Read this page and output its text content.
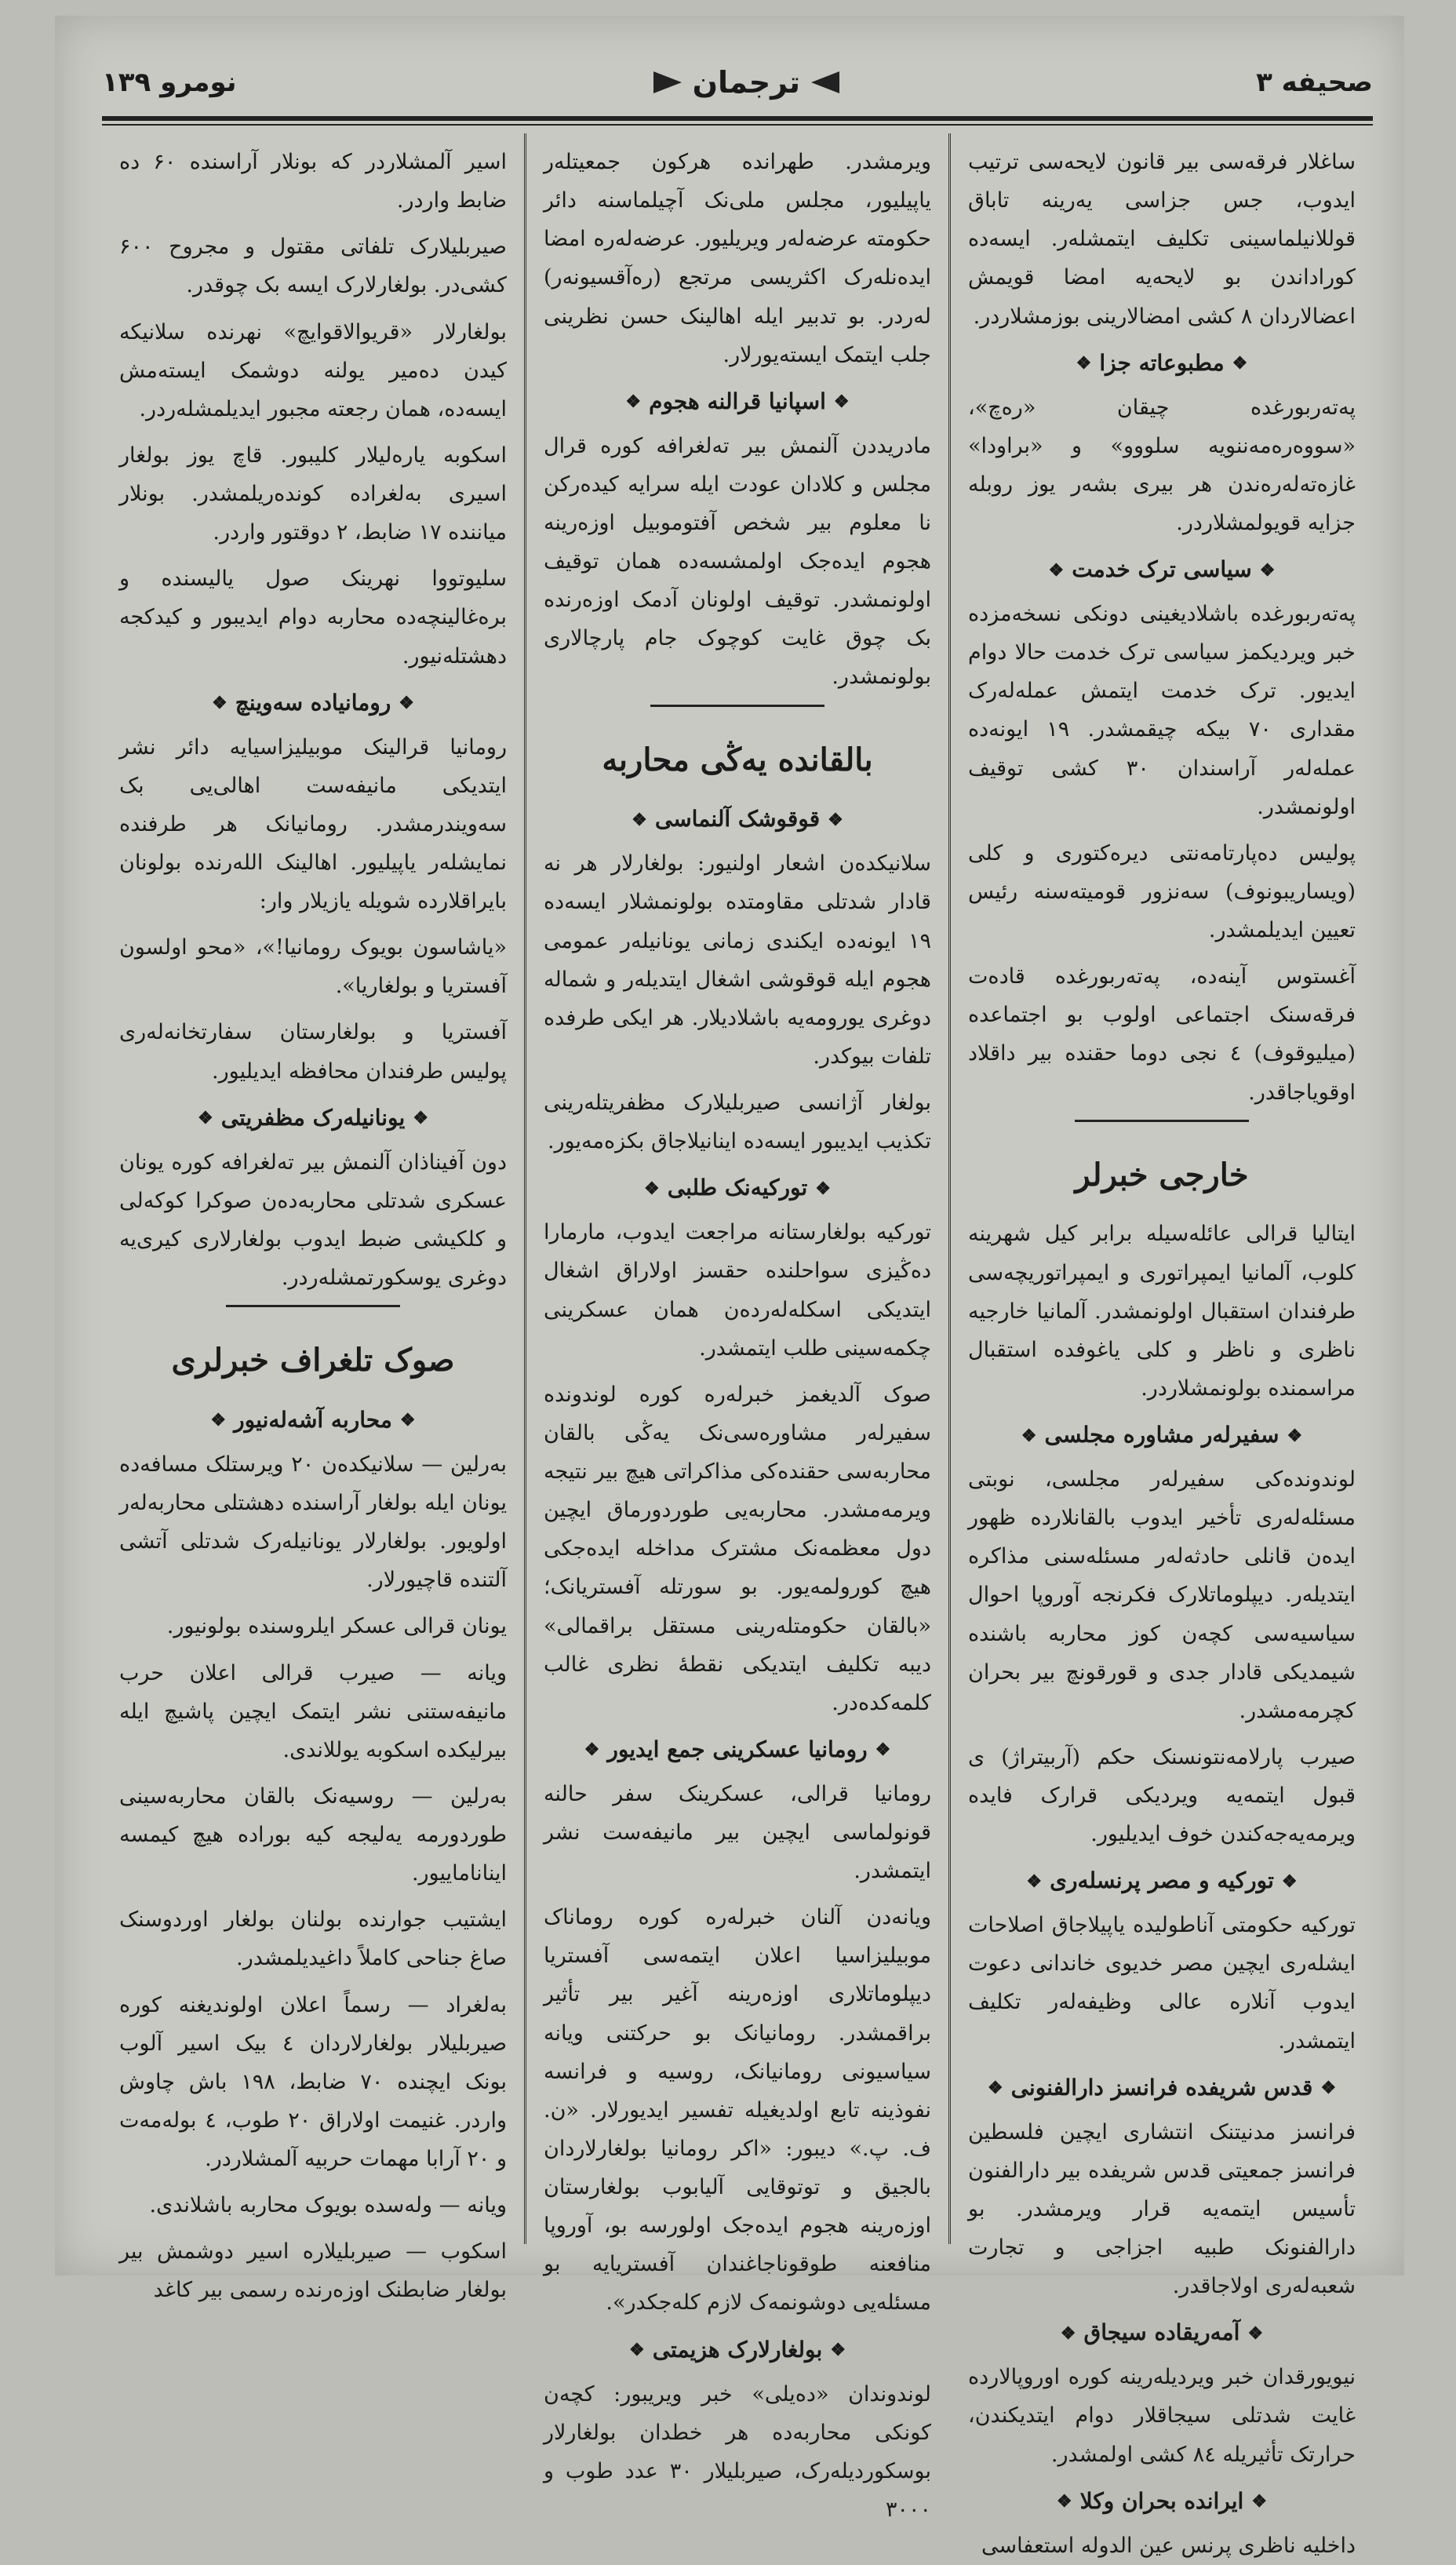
صحیفه ۳
ترجمان
نومرو ۱۳۹

ساغلار فرقەسی بیر قانون لایحەسی ترتیب ایدوب، جس جزاسی یەرینە تاباق قوللانیلماسینی تکلیف ایتمشلەر. ایسەدە کوراداندن بو لایحەیە امضا قویمش اعضالاردان ۸ کشی امضالارینی بوزمشلاردر.

❖
مطبوعاتە جزا
❖

پەتەربورغدە چیقان «رەچ»، «سووەرەمەننویە سلووو» و «براودا» غازەتەلەرەندن هر بیری بشەر یوز روبلە جزایە قویولمشلاردر.

❖
سیاسی ترک خدمت
❖

پەتەربورغدە باشلادیغینی دونکی نسخەمزدە خبر ویردیکمز سیاسی ترک خدمت حالا دوام ایدیور. ترک خدمت ایتمش عملەلەرک مقداری ۷۰ بیکە چیقمشدر. ۱۹ ایونەدە عملەلەر آراسندان ۳۰ کشی توقیف اولونمشدر.

پولیس دەپارتامەنتی دیرەکتوری و کلی (ویساریبونوف) سەنزور قومیتەسنە رئیس تعیین ایدیلمشدر.

آغستوس آینەدە، پەتەربورغدە قادەت فرقەسنک اجتماعی اولوب بو اجتماعدە (میلیوقوف) ٤ نجی دوما حقندە بیر داقلاد اوقویاجاقدر.

خارجی خبرلر

ایتالیا قرالی عائلەسیلە برابر کیل شهرینە کلوب، آلمانیا ایمپراتوری و ایمپراتوریچەسی طرفندان استقبال اولونمشدر. آلمانیا خارجیە ناظری و ناظر و کلی یاغوفدە استقبال مراسمندە بولونمشلاردر.

❖
سفیرلەر مشاورە مجلسی
❖

لوندونده‌کی سفیرلەر مجلسی، نوبتی مسئلەلەری تأخیر ایدوب بالقانلاردە ظهور ایدەن قانلی حادثەلەر مسئلەسنی مذاکرە ایتدیلەر. دیپلوماتلارک فکرنجە آوروپا احوال سیاسیەسی کچەن کوز محاربە باشندە شیمدیکی قادار جدی و قورقونچ بیر بحران کچرمەمشدر.

صیرب پارلامەنتونسنک حکم (آربیتراژ) ی قبول ایتمەیە ویردیکی قرارک فایدە ویرمەیەجەکندن خوف ایدیلیور.

❖
تورکیە و مصر پرنسلەری
❖

تورکیە حکومتی آناطولیدە یاپیلاجاق اصلاحات ایشلەری ایچین مصر خدیوی خاندانی دعوت ایدوب آنلارە عالی وظیفەلەر تکلیف ایتمشدر.

❖
قدس شریفدە فرانسز دارالفنونی
❖

فرانسز مدنیتنک انتشاری ایچین فلسطین فرانسز جمعیتی قدس شریفدە بیر دارالفنون تأسیس ایتمەیە قرار ویرمشدر. بو دارالفنونک طبیە اجزاجی و تجارت شعبەلەری اولاجاقدر.

❖
آمەریقادە سیجاق
❖

نیویورقدان خبر ویردیلەرینە کورە اوروپالاردە غایت شدتلی سیجاقلار دوام ایتدیکندن، حرارتک تأثیریلە ۸٤ کشی اولمشدر.

❖
ایراندە بحران وکلا
❖

داخلیە ناظری پرنس عین الدولە استعفاسی

ویرمشدر. طهراندە هرکون جمعیتلەر یاپیلیور، مجلس ملی‌نک آچیلماسنە دائر حکومتە عرضەلەر ویریلیور. عرضەلەرە امضا ایدەنلەرک اکثریسی مرتجع (رەآقسیونەر) لەردر. بو تدبیر ایلە اهالینک حسن نظرینی جلب ایتمک ایستەیورلار.

❖
اسپانیا قرالنە هجوم
❖

مادریددن آلنمش بیر تەلغرافە کورە قرال مجلس و کلادان عودت ایلە سرایە کیدەرکن نا معلوم بیر شخص آفتوموبیل اوزەرینە هجوم ایدەجک اولمشسەدە همان توقیف اولونمشدر. توقیف اولونان آدمک اوزەرندە بک چوق غایت کوچوک جام پارچالاری بولونمشدر.

بالقاندە یەڭی محاربە
❖
قوقوشک آلنماسی
❖

سلانیکدەن اشعار اولنیور: بولغارلار هر نە قادار شدتلی مقاومتدە بولونمشلار ایسەدە ۱۹ ایونەدە ایکندی زمانی یونانیلەر عمومی هجوم ایلە قوقوشی اشغال ایتدیلەر و شمالە دوغری یورومەیە باشلادیلار. هر ایکی طرفدە تلفات بیوکدر.

بولغار آژانسی صیربلیلارک مظفریتلەرینی تکذیب ایدیبور ایسەدە اینانیلاجاق بکزەمەیور.

❖
تورکیەنک طلبی
❖

تورکیە بولغارستانە مراجعت ایدوب، مارمارا دەڭیزی سواحلندە حقسز اولاراق اشغال ایتدیکی اسکلەلەردەن همان عسکرینی چکمەسینی طلب ایتمشدر.

صوک آلدیغمز خبرلەرە کورە لوندونده سفیرلەر مشاورەسی‌نک یەڭی بالقان محاربەسی حقندە‌کی مذاکراتی هیچ بیر نتیجە ویرمەمشدر. محاربەیی طوردورماق ایچین دول معظمەنک مشترک مداخلە ایدەجکی هیچ کورولمەیور. بو سورتلە آفستریانک؛ «بالقان حکومتلەرینی مستقل براقمالی» دیبە تکلیف ایتدیکی نقطۀ نظری غالب کلمەکدەدر.

❖
رومانیا عسکرینی جمع ایدیور
❖

رومانیا قرالی، عسکرینک سفر حالنە قونولماسی ایچین بیر مانیفەست نشر ایتمشدر.

ویانەدن آلنان خبرلەرە کورە روماناک موبیلیزاسیا اعلان ایتمەسی آفستریا دیپلوماتلاری اوزەرینە آغیر بیر تأثیر براقمشدر. رومانیانک بو حرکتنی ویانە سیاسیونی رومانیانک، روسیە و فرانسە نفوذینە تابع اولدیغیلە تفسیر ایدیورلار. «ن. ف. پ.» دیبور: «اکر رومانیا بولغارلاردان بالجیق و توتوقایی آلیابوب بولغارستان اوزەرینە هجوم ایدەجک اولورسە بو، آوروپا منافعنە طوقوناجاغندان آفستریایە بو مسئلەیی دوشونمەک لازم کلەجکدر».

❖
بولغارلارک هزیمتی
❖

لوندوندان «دەیلی» خبر ویریبور: کچەن کونکی محاربەدە هر خطدان بولغارلار بوسکوردیلەرک، صیربلیلار ۳۰ عدد طوب و ۳۰۰۰

اسیر آلمشلاردر کە بونلار آراسندە ۶۰ دە ضابط واردر.

صیربلیلارک تلفاتی مقتول و مجروح ۶۰۰ کشی‌در. بولغارلارک ایسە بک چوقدر.

بولغارلار «قریوالاقوایچ» نهرندە سلانیکە کیدن دەمیر یولنە دوشمک ایستەمش ایسەدە، همان رجعتە مجبور ایدیلمشلەردر.

اسکوبە یارەلیلار کلیبور. قاچ یوز بولغار اسیری بەلغرادە کوندەریلمشدر. بونلار میانندە ۱۷ ضابط، ۲ دوقتور واردر.

سلیوتووا نهرینک صول یالیسندە و برەغالینچەدە محاربە دوام ایدیبور و کیدکجە دهشتلەنیور.

❖
رومانیادە سەوینچ
❖

رومانیا قرالینک موبیلیزاسیایە دائر نشر ایتدیکی مانیفەست اهالی‌یی بک سەویندرمشدر. رومانیانک هر طرفندە نمایشلەر یاپیلیور. اهالینک اللەرندە بولونان بایراقلاردە شویلە یازیلار وار:

«یاشاسون بویوک رومانیا!»، «محو اولسون آفستریا و بولغاریا».

آفستریا و بولغارستان سفارتخانەلەری پولیس طرفندان محافظە ایدیلیور.

❖
یونانیلەرک مظفریتی
❖

دون آفیناذان آلنمش بیر تەلغرافە کورە یونان عسکری شدتلی محاربەدەن صوکرا کوکەلی و کلکیشی ضبط ایدوب بولغارلاری کیری‌یە دوغری یوسکورتمشلەردر.

صوک تلغراف خبرلری
❖
محاربە آشەلەنیور
❖

بەرلین — سلانیکدەن ۲۰ ویرستلک مسافەدە یونان ایلە بولغار آراسندە دهشتلی محاربەلەر اولویور. بولغارلار یونانیلەرک شدتلی آتشی آلتندە قاچیورلار.

یونان قرالی عسکر ایلروسندە بولونیور.

ویانە — صیرب قرالی اعلان حرب مانیفەستنی نشر ایتمک ایچین پاشیچ ایلە بیرلیکدە اسکوبە یوللاندی.

بەرلین — روسیەنک بالقان محاربەسینی طوردورمە یەلیجە کیه بوراده هیچ کیمسە ایناناماییور.

ایشتیب جوارندە بولنان بولغار اوردوسنک صاغ جناحی کاملاً داغیدیلمشدر.

بەلغراد — رسماً اعلان اولوندیغنە کورە صیربلیلار بولغارلاردان ٤ بیک اسیر آلوب بونک ایچندە ۷۰ ضابط، ۱۹۸ باش چاوش واردر. غنیمت اولاراق ۲۰ طوب، ٤ بولەمەت و ۲۰ آرابا مهمات حربیە آلمشلاردر.

ویانە — ولەسدە بویوک محاربە باشلاندی.

اسکوب — صیربلیلارە اسیر دوشمش بیر بولغار ضابطنک اوزەرندە رسمی بیر کاغد
